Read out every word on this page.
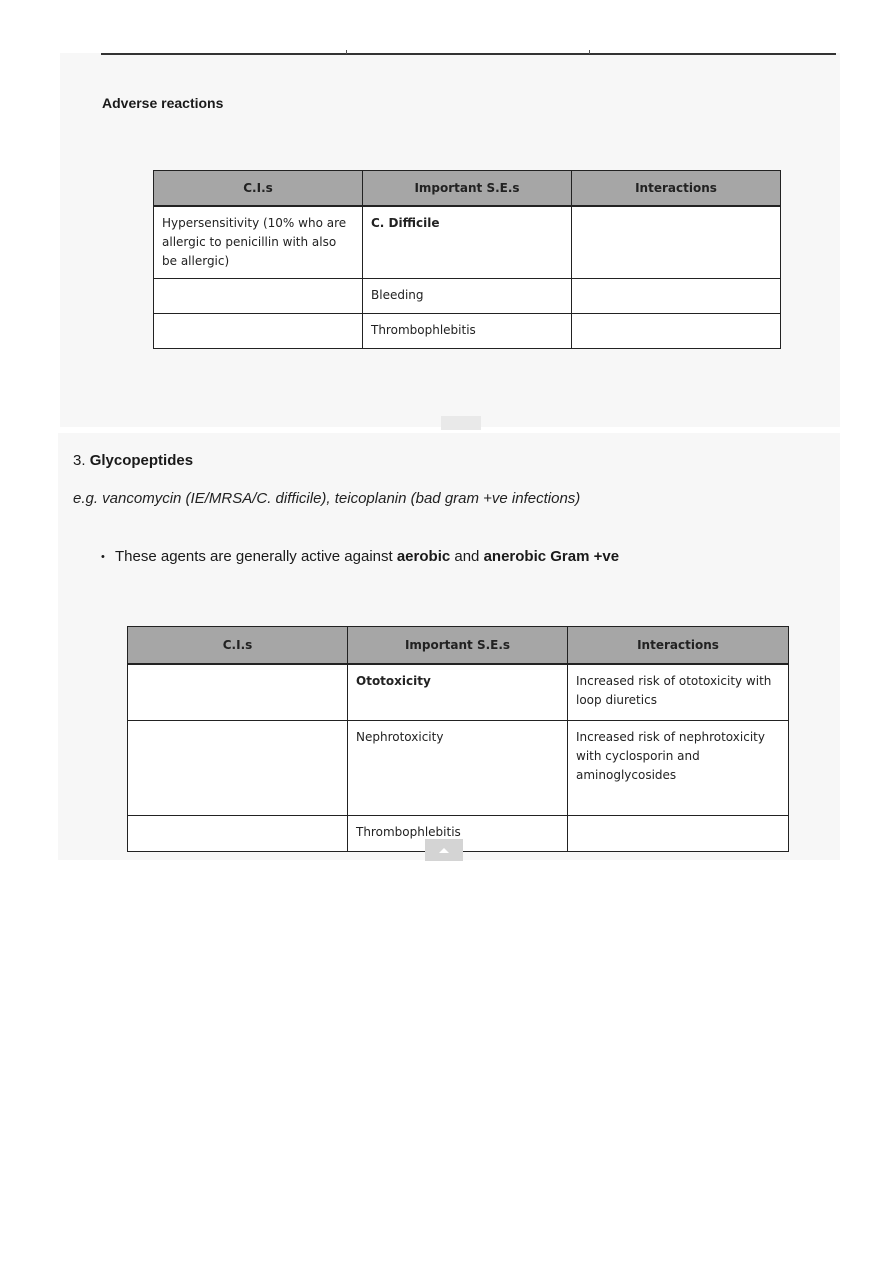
Adverse reactions
C.I.s	Important S.E.s	Interactions
Hypersensitivity (10% who are allergic to penicillin with also be allergic)	C. Difficile	
	Bleeding	
	Thrombophlebitis	
3. Glycopeptides
e.g. vancomycin (IE/MRSA/C. difficile), teicoplanin (bad gram +ve infections)
• These agents are generally active against aerobic and anerobic Gram +ve
C.I.s	Important S.E.s	Interactions
	Ototoxicity	Increased risk of ototoxicity with loop diuretics
	Nephrotoxicity	Increased risk of nephrotoxicity with cyclosporin and aminoglycosides
	Thrombophlebitis	
